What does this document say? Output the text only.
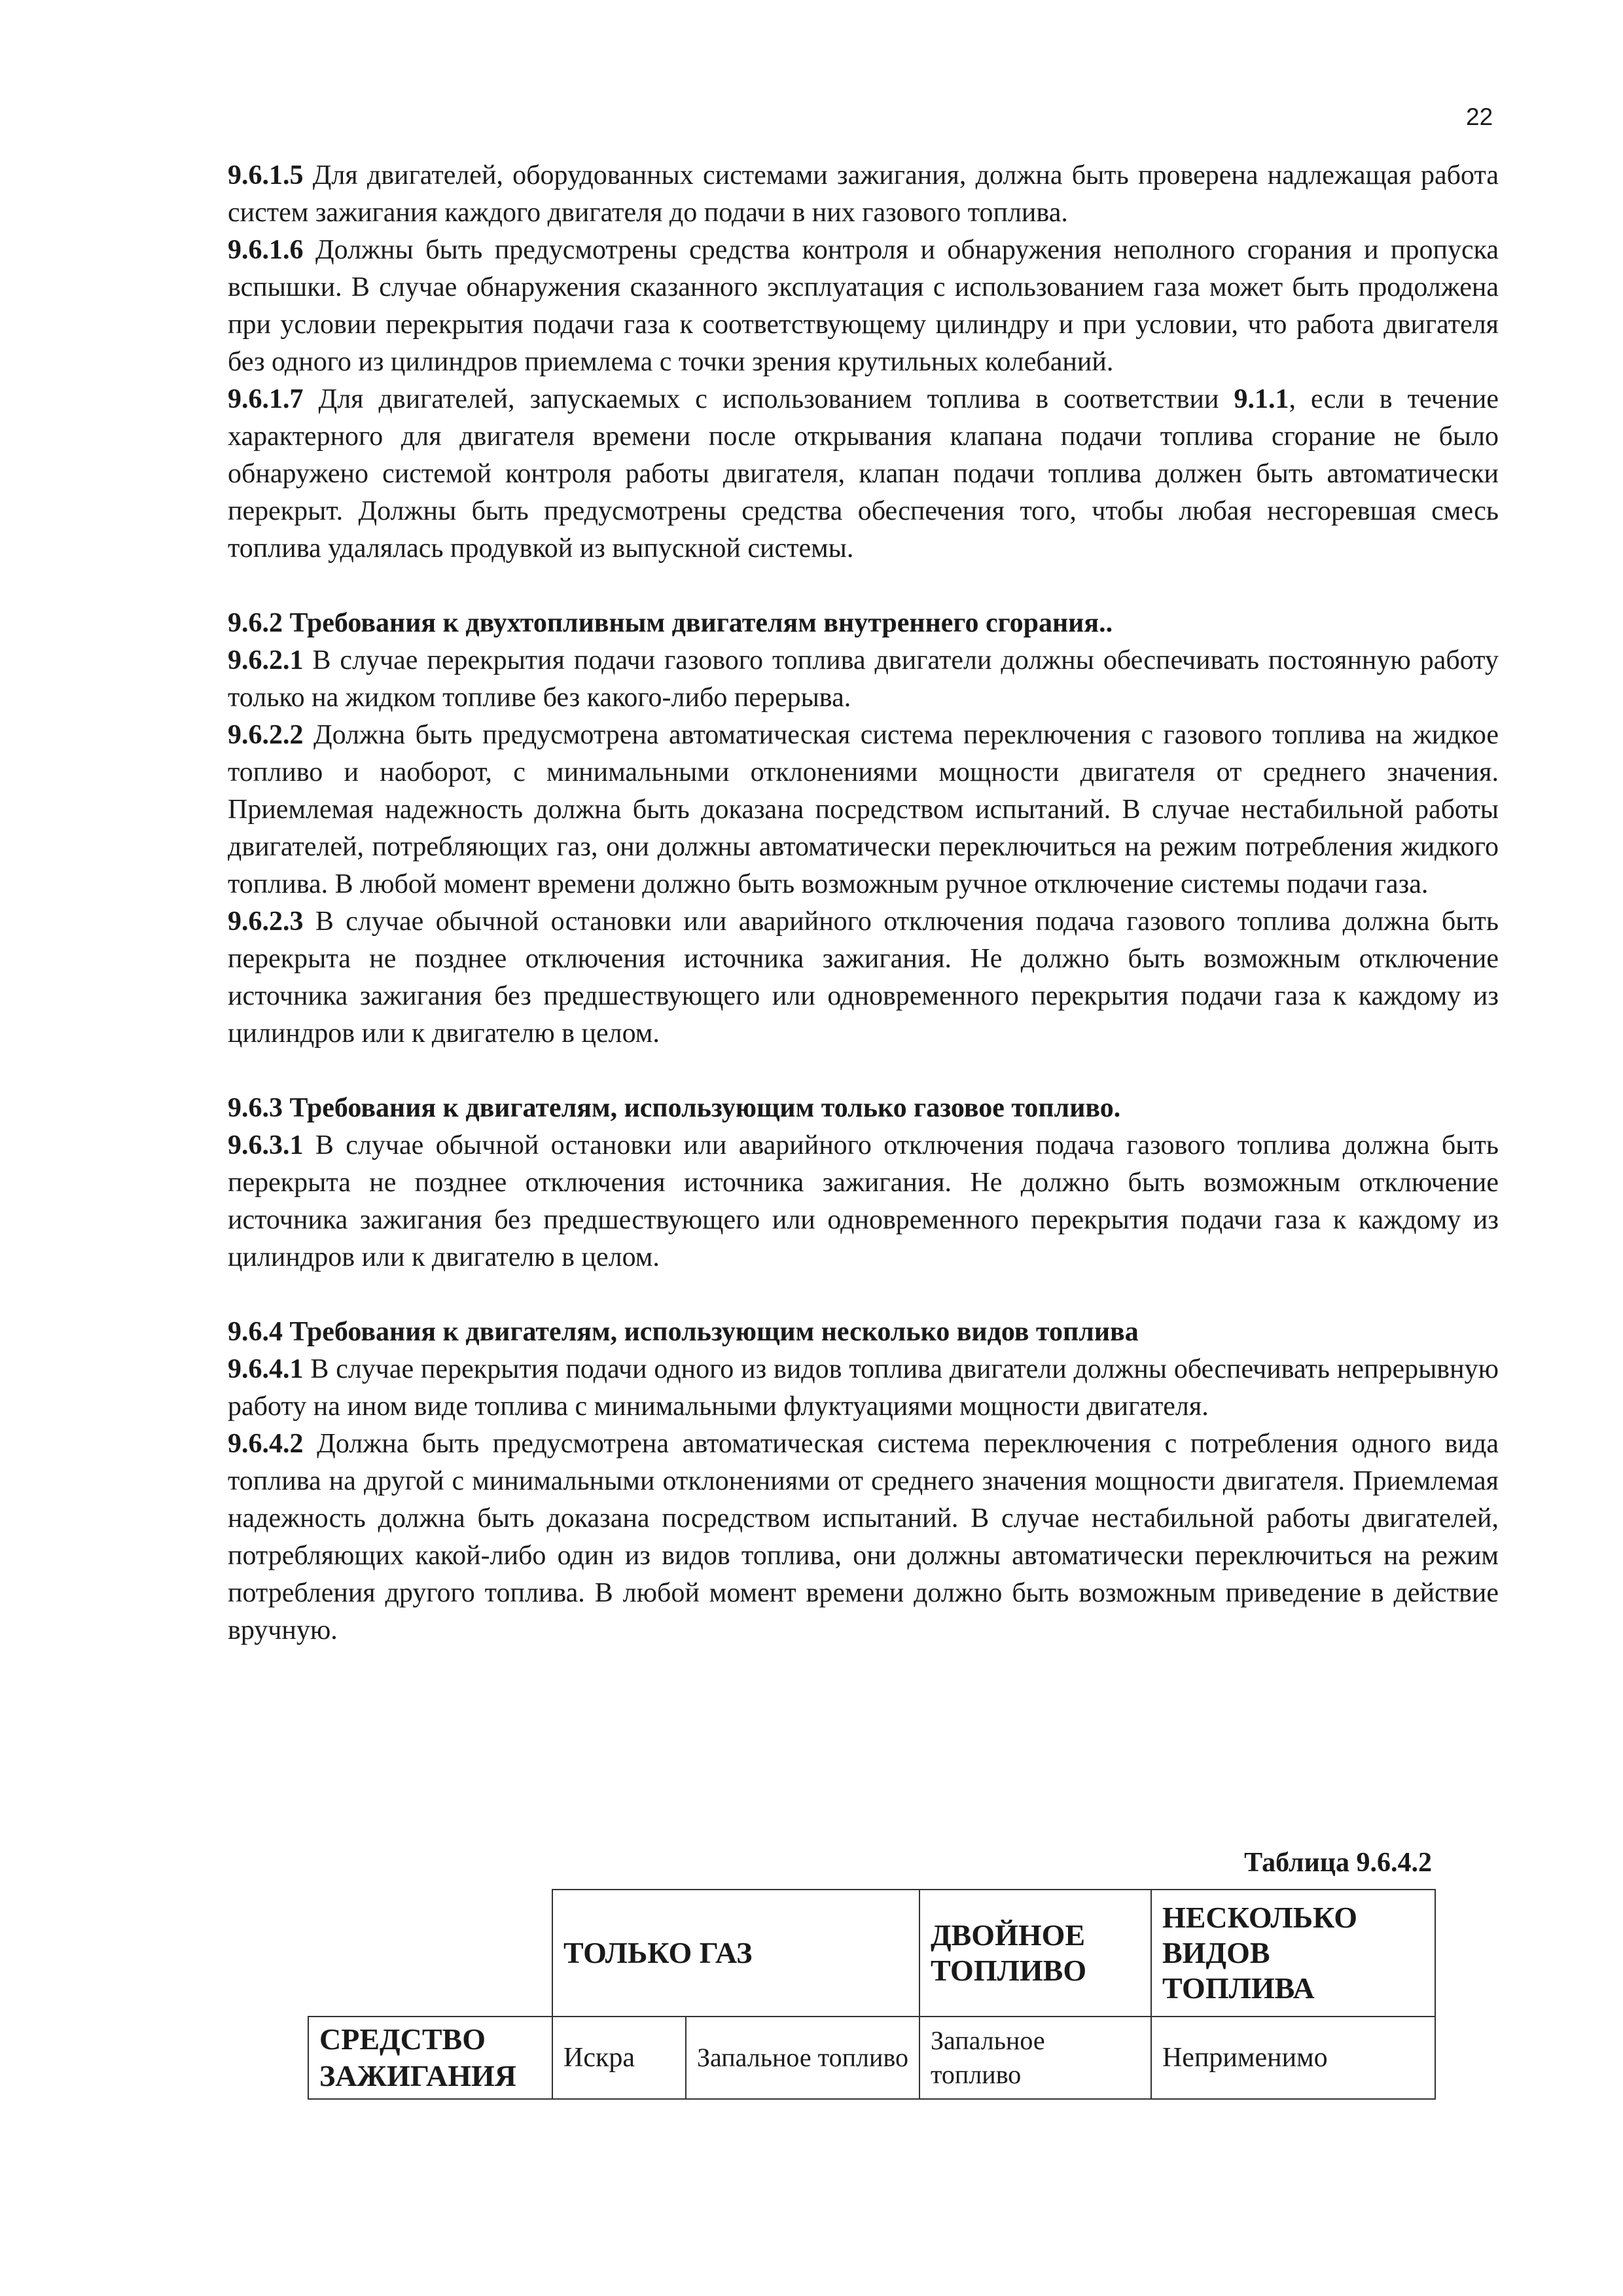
22

9.6.1.5 Для двигателей, оборудованных системами зажигания, должна быть проверена надлежащая работа систем зажигания каждого двигателя до подачи в них газового топлива.

9.6.1.6 Должны быть предусмотрены средства контроля и обнаружения неполного сгорания и пропуска вспышки. В случае обнаружения сказанного эксплуатация с использованием газа может быть продолжена при условии перекрытия подачи газа к соответствующему цилиндру и при условии, что работа двигателя без одного из цилиндров приемлема с точки зрения крутильных колебаний.

9.6.1.7 Для двигателей, запускаемых с использованием топлива в соответствии 9.1.1, если в течение характерного для двигателя времени после открывания клапана подачи топлива сгорание не было обнаружено системой контроля работы двигателя, клапан подачи топлива должен быть автоматически перекрыт. Должны быть предусмотрены средства обеспечения того, чтобы любая несгоревшая смесь топлива удалялась продувкой из выпускной системы.

9.6.2 Требования к двухтопливным двигателям внутреннего сгорания..

9.6.2.1 В случае перекрытия подачи газового топлива двигатели должны обеспечивать постоянную работу только на жидком топливе без какого-либо перерыва.

9.6.2.2 Должна быть предусмотрена автоматическая система переключения с газового топлива на жидкое топливо и наоборот, с минимальными отклонениями мощности двигателя от среднего значения. Приемлемая надежность должна быть доказана посредством испытаний. В случае нестабильной работы двигателей, потребляющих газ, они должны автоматически переключиться на режим потребления жидкого топлива. В любой момент времени должно быть возможным ручное отключение системы подачи газа.

9.6.2.3 В случае обычной остановки или аварийного отключения подача газового топлива должна быть перекрыта не позднее отключения источника зажигания. Не должно быть возможным отключение источника зажигания без предшествующего или одновременного перекрытия подачи газа к каждому из цилиндров или к двигателю в целом.

9.6.3 Требования к двигателям, использующим только газовое топливо.

9.6.3.1 В случае обычной остановки или аварийного отключения подача газового топлива должна быть перекрыта не позднее отключения источника зажигания. Не должно быть возможным отключение источника зажигания без предшествующего или одновременного перекрытия подачи газа к каждому из цилиндров или к двигателю в целом.

9.6.4 Требования к двигателям, использующим несколько видов топлива

9.6.4.1 В случае перекрытия подачи одного из видов топлива двигатели должны обеспечивать непрерывную работу на ином виде топлива с минимальными флуктуациями мощности двигателя.

9.6.4.2 Должна быть предусмотрена автоматическая система переключения с потребления одного вида топлива на другой с минимальными отклонениями от среднего значения мощности двигателя. Приемлемая надежность должна быть доказана посредством испытаний. В случае нестабильной работы двигателей, потребляющих какой-либо один из видов топлива, они должны автоматически переключиться на режим потребления другого топлива. В любой момент времени должно быть возможным приведение в действие вручную.

Таблица 9.6.4.2
	ТОЛЬКО ГАЗ		ДВОЙНОЕ ТОПЛИВО	НЕСКОЛЬКО ВИДОВ ТОПЛИВА
СРЕДСТВО ЗАЖИГАНИЯ	Искра	Запальное топливо	Запальное топливо	Неприменимо
